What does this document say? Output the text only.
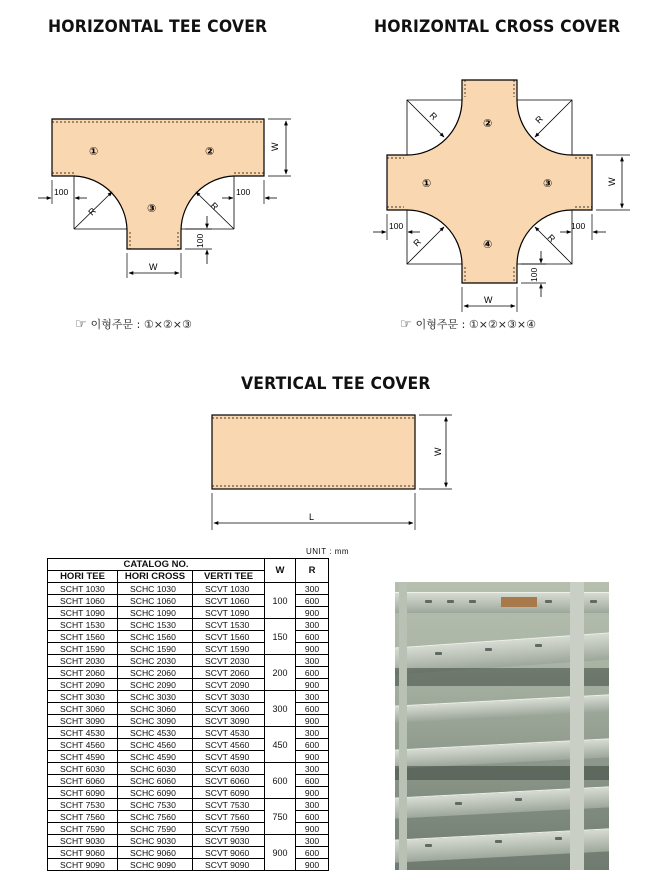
HORIZONTAL TEE COVER	HORIZONTAL CROSS COVER
VERTICAL TEE COVER
R	R
①	②
③
W
100	100
100
W
R	R
R	R
②
①	③
④
W
100	100
100
W
W
L
☞ 이형주문 : ①×②×③	☞ 이형주문 : ①×②×③×④
UNIT : mm
CATALOG NO.			W	R
HORI TEE	HORI CROSS	VERTI TEE		
SCHT 1030	SCHC 1030	SCVT 1030	100	300
SCHT 1060	SCHC 1060	SCVT 1060		600
SCHT 1090	SCHC 1090	SCVT 1090		900
SCHT 1530	SCHC 1530	SCVT 1530	150	300
SCHT 1560	SCHC 1560	SCVT 1560		600
SCHT 1590	SCHC 1590	SCVT 1590		900
SCHT 2030	SCHC 2030	SCVT 2030	200	300
SCHT 2060	SCHC 2060	SCVT 2060		600
SCHT 2090	SCHC 2090	SCVT 2090		900
SCHT 3030	SCHC 3030	SCVT 3030	300	300
SCHT 3060	SCHC 3060	SCVT 3060		600
SCHT 3090	SCHC 3090	SCVT 3090		900
SCHT 4530	SCHC 4530	SCVT 4530	450	300
SCHT 4560	SCHC 4560	SCVT 4560		600
SCHT 4590	SCHC 4590	SCVT 4590		900
SCHT 6030	SCHC 6030	SCVT 6030	600	300
SCHT 6060	SCHC 6060	SCVT 6060		600
SCHT 6090	SCHC 6090	SCVT 6090		900
SCHT 7530	SCHC 7530	SCVT 7530	750	300
SCHT 7560	SCHC 7560	SCVT 7560		600
SCHT 7590	SCHC 7590	SCVT 7590		900
SCHT 9030	SCHC 9030	SCVT 9030	900	300
SCHT 9060	SCHC 9060	SCVT 9060		600
SCHT 9090	SCHC 9090	SCVT 9090		900
